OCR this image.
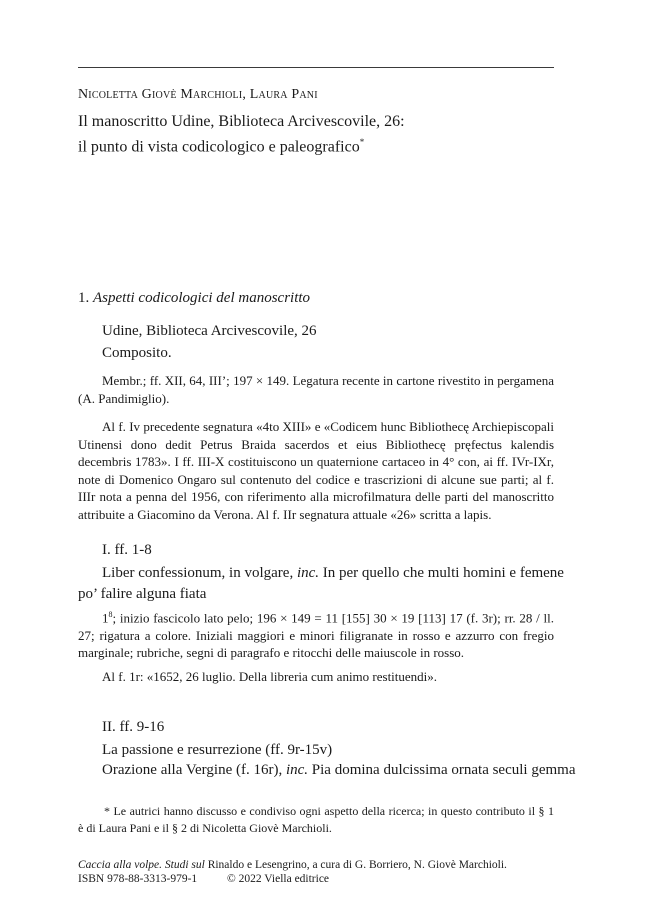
Nicoletta Giovè Marchioli, Laura Pani
Il manoscritto Udine, Biblioteca Arcivescovile, 26:
il punto di vista codicologico e paleografico*
1. Aspetti codicologici del manoscritto
Udine, Biblioteca Arcivescovile, 26
Composito.
Membr.; ff. XII, 64, III’; 197 × 149. Legatura recente in cartone rivestito in pergamena (A. Pandimiglio).
Al f. Iv precedente segnatura «4to XIII» e «Codicem hunc Bibliothecę Archiepiscopali Utinensi dono dedit Petrus Braida sacerdos et eius Bibliothecę pręfectus kalendis decembris 1783». I ff. III-X costituiscono un quaternione cartaceo in 4° con, ai ff. IVr-IXr, note di Domenico Ongaro sul contenuto del codice e trascrizioni di alcune sue parti; al f. IIIr nota a penna del 1956, con riferimento alla microfilmatura delle parti del manoscritto attribuite a Giacomino da Verona. Al f. IIr segnatura attuale «26» scritta a lapis.
I. ff. 1-8
Liber confessionum, in volgare, inc. In per quello che multi homini e femene
po’ falire alguna fiata
$1^8$; inizio fascicolo lato pelo; 196 × 149 = 11 [155] 30 × 19 [113] 17 (f. 3r); rr. 28 / ll. 27; rigatura a colore. Iniziali maggiori e minori filigranate in rosso e azzurro con fregio marginale; rubriche, segni di paragrafo e ritocchi delle maiuscole in rosso.
Al f. 1r: «1652, 26 luglio. Della libreria cum animo restituendi».
II. ff. 9-16
La passione e resurrezione (ff. 9r-15v)
Orazione alla Vergine (f. 16r), inc. Pia domina dulcissima ornata seculi gemma
* Le autrici hanno discusso e condiviso ogni aspetto della ricerca; in questo contributo il § 1 è di Laura Pani e il § 2 di Nicoletta Giovè Marchioli.
Caccia alla volpe. Studi sul Rinaldo e Lesengrino, a cura di G. Borriero, N. Giovè Marchioli.
ISBN 978-88-3313-979-1	© 2022 Viella editrice
